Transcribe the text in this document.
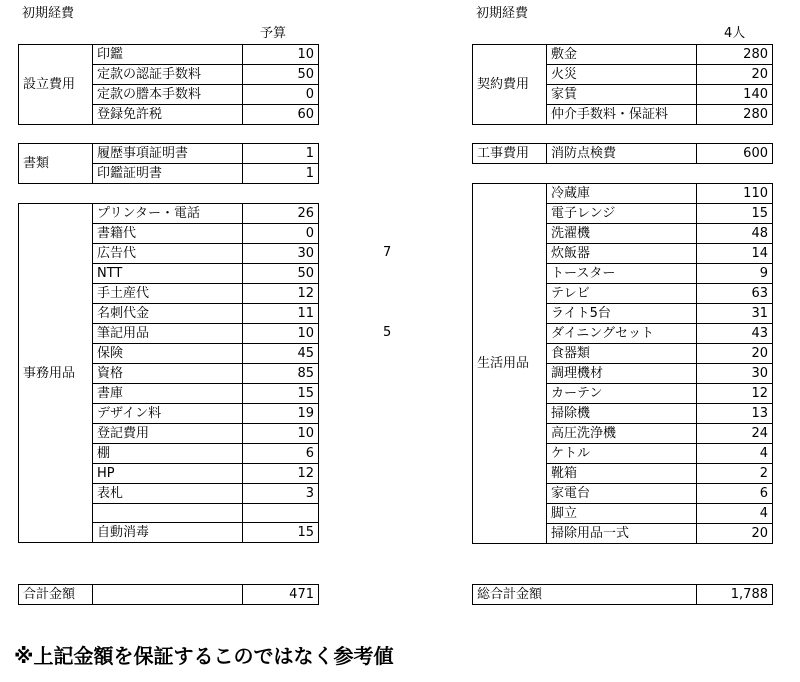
初期経費
予算
初期経費
4人
7
5
設立費用	印鑑	10
	定款の認証手数料	50
	定款の謄本手数料	0
	登録免許税	60
書類	履歴事項証明書	1
	印鑑証明書	1
事務用品	プリンター・電話	26
	書籍代	0
	広告代	30
	NTT	50
	手土産代	12
	名刺代金	11
	筆記用品	10
	保険	45
	資格	85
	書庫	15
	デザイン料	19
	登記費用	10
	棚	6
	HP	12
	表札	3

	自動消毒	15
合計金額		471
契約費用	敷金	280
	火災	20
	家賃	140
	仲介手数料・保証料	280
工事費用	消防点検費	600
生活用品	冷蔵庫	110
	電子レンジ	15
	洗濯機	48
	炊飯器	14
	トースター	9
	テレビ	63
	ライト5台	31
	ダイニングセット	43
	食器類	20
	調理機材	30
	カーテン	12
	掃除機	13
	高圧洗浄機	24
	ケトル	4
	靴箱	2
	家電台	6
	脚立	4
	掃除用品一式	20
総合計金額	1,788
※上記金額を保証するこのではなく参考値
